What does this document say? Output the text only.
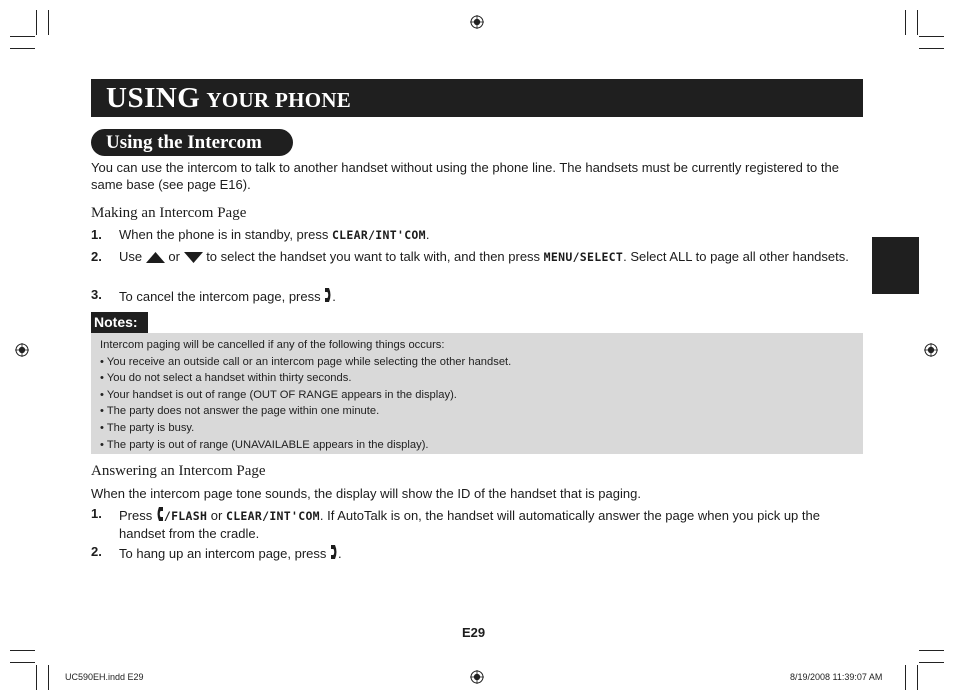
USING YOUR PHONE
Using the Intercom
You can use the intercom to talk to another handset without using the phone line. The handsets must be currently registered to the same base (see page E16).
Making an Intercom Page
1. When the phone is in standby, press CLEAR/INT'COM.
2. Use or to select the handset you want to talk with, and then press MENU/SELECT. Select ALL to page all other handsets.
3. To cancel the intercom page, press .
Notes:
Intercom paging will be cancelled if any of the following things occurs:
• You receive an outside call or an intercom page while selecting the other handset.
• You do not select a handset within thirty seconds.
• Your handset is out of range (OUT OF RANGE appears in the display).
• The party does not answer the page within one minute.
• The party is busy.
• The party is out of range (UNAVAILABLE appears in the display).
Answering an Intercom Page
When the intercom page tone sounds, the display will show the ID of the handset that is paging.
1. Press /FLASH or CLEAR/INT'COM. If AutoTalk is on, the handset will automatically answer the page when you pick up the handset from the cradle.
2. To hang up an intercom page, press .
E29
UC590EH.indd E29	8/19/2008 11:39:07 AM
